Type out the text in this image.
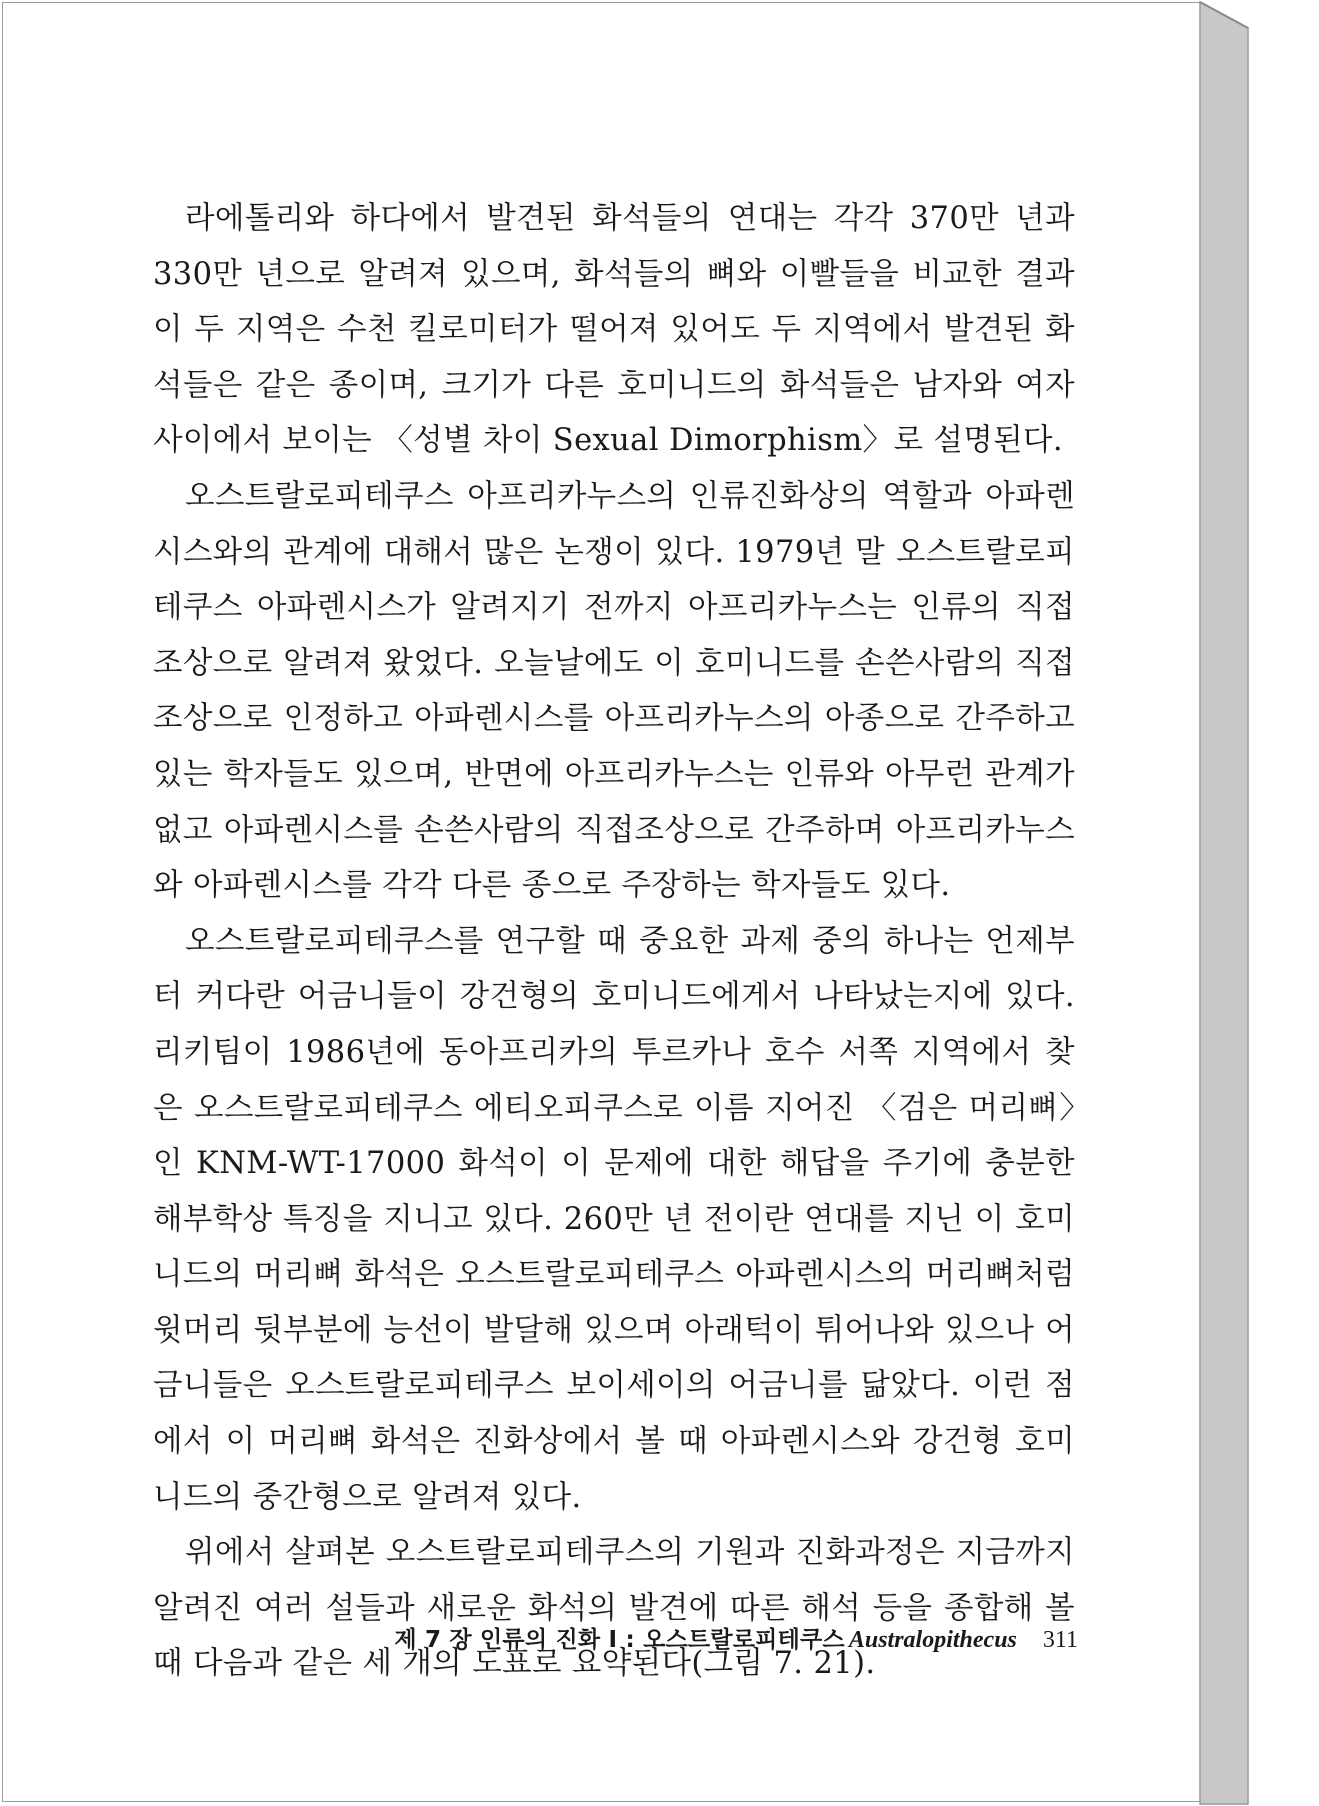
라에톨리와 하다에서 발견된 화석들의 연대는 각각 370만 년과 330만 년으로 알려져 있으며, 화석들의 뼈와 이빨들을 비교한 결과 이 두 지역은 수천 킬로미터가 떨어져 있어도 두 지역에서 발견된 화석들은 같은 종이며, 크기가 다른 호미니드의 화석들은 남자와 여자 사이에서 보이는 〈성별 차이 Sexual Dimorphism〉로 설명된다.

오스트랄로피테쿠스 아프리카누스의 인류진화상의 역할과 아파렌시스와의 관계에 대해서 많은 논쟁이 있다. 1979년 말 오스트랄로피테쿠스 아파렌시스가 알려지기 전까지 아프리카누스는 인류의 직접조상으로 알려져 왔었다. 오늘날에도 이 호미니드를 손쓴사람의 직접조상으로 인정하고 아파렌시스를 아프리카누스의 아종으로 간주하고 있는 학자들도 있으며, 반면에 아프리카누스는 인류와 아무런 관계가 없고 아파렌시스를 손쓴사람의 직접조상으로 간주하며 아프리카누스와 아파렌시스를 각각 다른 종으로 주장하는 학자들도 있다.

오스트랄로피테쿠스를 연구할 때 중요한 과제 중의 하나는 언제부터 커다란 어금니들이 강건형의 호미니드에게서 나타났는지에 있다. 리키팀이 1986년에 동아프리카의 투르카나 호수 서쪽 지역에서 찾은 오스트랄로피테쿠스 에티오피쿠스로 이름 지어진 〈검은 머리뼈〉인 KNM-WT-17000 화석이 이 문제에 대한 해답을 주기에 충분한 해부학상 특징을 지니고 있다. 260만 년 전이란 연대를 지닌 이 호미니드의 머리뼈 화석은 오스트랄로피테쿠스 아파렌시스의 머리뼈처럼 윗머리 뒷부분에 능선이 발달해 있으며 아래턱이 튀어나와 있으나 어금니들은 오스트랄로피테쿠스 보이세이의 어금니를 닮았다. 이런 점에서 이 머리뼈 화석은 진화상에서 볼 때 아파렌시스와 강건형 호미니드의 중간형으로 알려져 있다.

위에서 살펴본 오스트랄로피테쿠스의 기원과 진화과정은 지금까지 알려진 여러 설들과 새로운 화석의 발견에 따른 해석 등을 종합해 볼 때 다음과 같은 세 개의 도표로 요약된다(그림 7. 21).

제 7 장 인류의 진화 Ⅰ : 오스트랄로피테쿠스 Australopithecus 311
